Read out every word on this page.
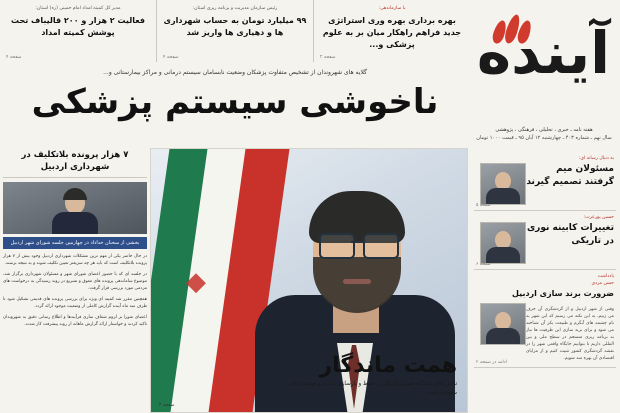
آینده
هفته نامه ـ خبری ، تحلیلی ، فرهنگی ، پژوهشی
سال نهم ـ شماره ۴۰۳ ـ چهارشنبه ۱۲ آبان ۹۵ ـ قیمت ۱۰۰۰ تومان
مدیر کل کمیته امداد امام خمینی (ره) استان:
فعالیت ۲ هزار و ۲۰۰ قالیباف تحت پوشش کمیته امداد
صفحه ۴
رئیس سازمان مدیریت و برنامه ریزی استان:
۹۹ میلیارد تومان به حساب شهرداری ها و دهیاری ها واریز شد
صفحه ۴
با سازماندهی:
بهره برداری بهره وری استراتژی جدید فراهم راهکار میان بر به علوم پزشکی و...
صفحه ۲
گلایه های شهروندان از تشخیص متفاوت پزشکان وضعیت نابسامان سیستم درمانی و مراکز بیمارستانی و...
ناخوشی سیستم پزشکی
به دنبال رسانه ای:
مسئولان میم گرفتند تصمیم گیرند
صفحه ۵
حسین پورعزت:
تغییرات کابینه نوری در تاریکی
صفحه ۶
یادداشت
حسن مردی
ضرورت برند سازی اردبیل
وقتی از شهر اردبیل و از گردشگری آن حرف می زنیم، به این نکته می رسیم که این شهر به نام چشمه های آبگرم و طبیعت بکر آن شناخته می شود و برای برند سازی این ظرفیت ها نیاز به برنامه ریزی منسجم در سطح ملی و بین المللی داریم تا بتوانیم جایگاه واقعی شهر را در نقشه گردشگری کشور تثبیت کنیم و از مزایای اقتصادی آن بهره مند شویم.
ادامه در صفحه ۲
◆
همت ماندگار
تلاش های دستگاه قضایی استان در حفظ و بازسازی کشت و صنعت مغان ستودنی است
صفحه ۳
۷ هزار پرونده بلاتکلیف در شهرداری اردبیل
بخشی از سخنان خداداد در چهارمین جلسه شورای شهر اردبیل

در حال حاضر یکی از مهم ترین مشکلات شهرداری اردبیل وجود بیش از ۷ هزار پرونده بلاتکلیف است که باید هر چه سریعتر تعیین تکلیف شوند و به نتیجه برسند.

در جلسه ای که با حضور اعضای شورای شهر و مسئولان شهرداری برگزار شد، موضوع ساماندهی پرونده های معوق و تسریع در روند رسیدگی به درخواست های مردمی مورد بررسی قرار گرفت.

همچنین مقرر شد کمیته ای ویژه برای بررسی پرونده های قدیمی تشکیل شود تا ظرف سه ماه آینده گزارش کاملی از وضعیت موجود ارائه گردد.

اعضای شورا بر لزوم شفاف سازی فرآیندها و اطلاع رسانی دقیق به شهروندان تاکید کردند و خواستار ارائه گزارش ماهانه از روند پیشرفت کار شدند.
